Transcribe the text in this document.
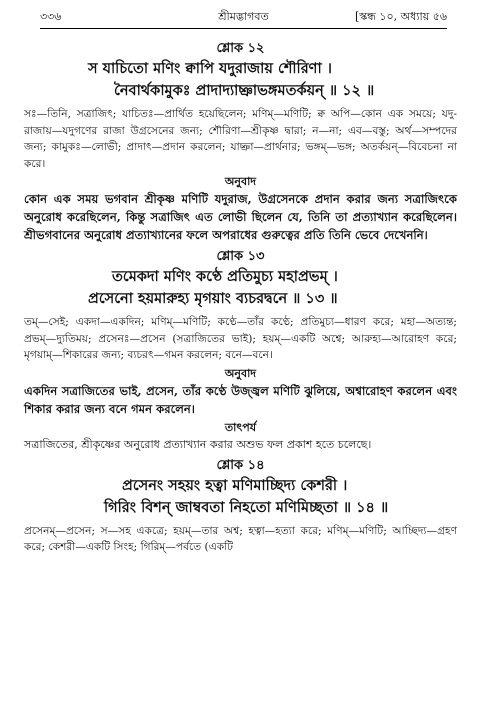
৩৩৬	শ্রীমদ্ভাগবত	[স্কন্ধ ১০, অধ্যায় ৫৬
শ্লোক ১২
স যাচিতো মণিং ক্বাপি যদুরাজায় শৌরিণা ।
নৈবার্থকামুকঃ প্রাদাদ্যাচ্ঞাভঙ্গমতর্কয়ন্ ॥ ১২ ॥
সঃ—তিনি, সত্রাজিৎ; যাচিতঃ—প্রার্থিত হয়েছিলেন; মণিম্—মণিটি; ক্ব অপি—কোন এক সময়ে; যদু-রাজায়—যদুগণের রাজা উগ্রসেনের জন্য; শৌরিণা—শ্রীকৃষ্ণ দ্বারা; ন—না; এব—বস্তু; অর্থ—সম্পদের জন্য; কামুকঃ—লোভী; প্রাদাৎ—প্রদান করলেন; যাচ্ঞা—প্রার্থনার; ভঙ্গম্—ভঙ্গ; অতর্কয়ন্—বিবেচনা না করে।
অনুবাদ
কোন এক সময় ভগবান শ্রীকৃষ্ণ মণিটি যদুরাজ, উগ্রসেনকে প্রদান করার জন্য সত্রাজিৎকে অনুরোধ করেছিলেন, কিন্তু সত্রাজিৎ এত লোভী ছিলেন যে, তিনি তা প্রত্যাখ্যান করেছিলেন। শ্রীভগবানের অনুরোধ প্রত্যাখ্যানের ফলে অপরাধের গুরুত্বের প্রতি তিনি ভেবে দেখেননি।
শ্লোক ১৩
তমেকদা মণিং কণ্ঠে প্রতিমুচ্য মহাপ্রভম্ ।
প্রসেনো হয়মারুহ্য মৃগয়াং ব্যচরদ্বনে ॥ ১৩ ॥
তম্—সেই; একদা—একদিন; মণিম্—মণিটি; কণ্ঠে—তাঁর কণ্ঠে; প্রতিমুচ্য—ধারণ করে; মহা—অত্যন্ত; প্রভম্—দ্যুতিময়; প্রসেনঃ—প্রসেন (সত্রাজিতের ভাই); হয়ম্—একটি অশ্বে; আরুহ্য—আরোহণ করে; মৃগয়াম্—শিকারের জন্য; ব্যচরৎ—গমন করলেন; বনে—বনে।
অনুবাদ
একদিন সত্রাজিতের ভাই, প্রসেন, তাঁর কণ্ঠে উজ্জ্বল মণিটি ঝুলিয়ে, অশ্বারোহণ করলেন এবং শিকার করার জন্য বনে গমন করলেন।
তাৎপর্য
সত্রাজিতের, শ্রীকৃষ্ণের অনুরোধ প্রত্যাখ্যান করার অশুভ ফল প্রকাশ হতে চলেছে।
শ্লোক ১৪
প্রসেনং সহয়ং হত্বা মণিমাচ্ছিদ্য কেশরী ।
গিরিং বিশন্ জাম্ববতা নিহতো মণিমিচ্ছতা ॥ ১৪ ॥
প্রসেনম্—প্রসেন; স—সহ একত্রে; হয়ম্—তার অশ্ব; হত্বা—হত্যা করে; মণিম্—মণিটি; আচ্ছিদ্য—গ্রহণ করে; কেশরী—একটি সিংহ; গিরিম্—পর্বতে (একটি
